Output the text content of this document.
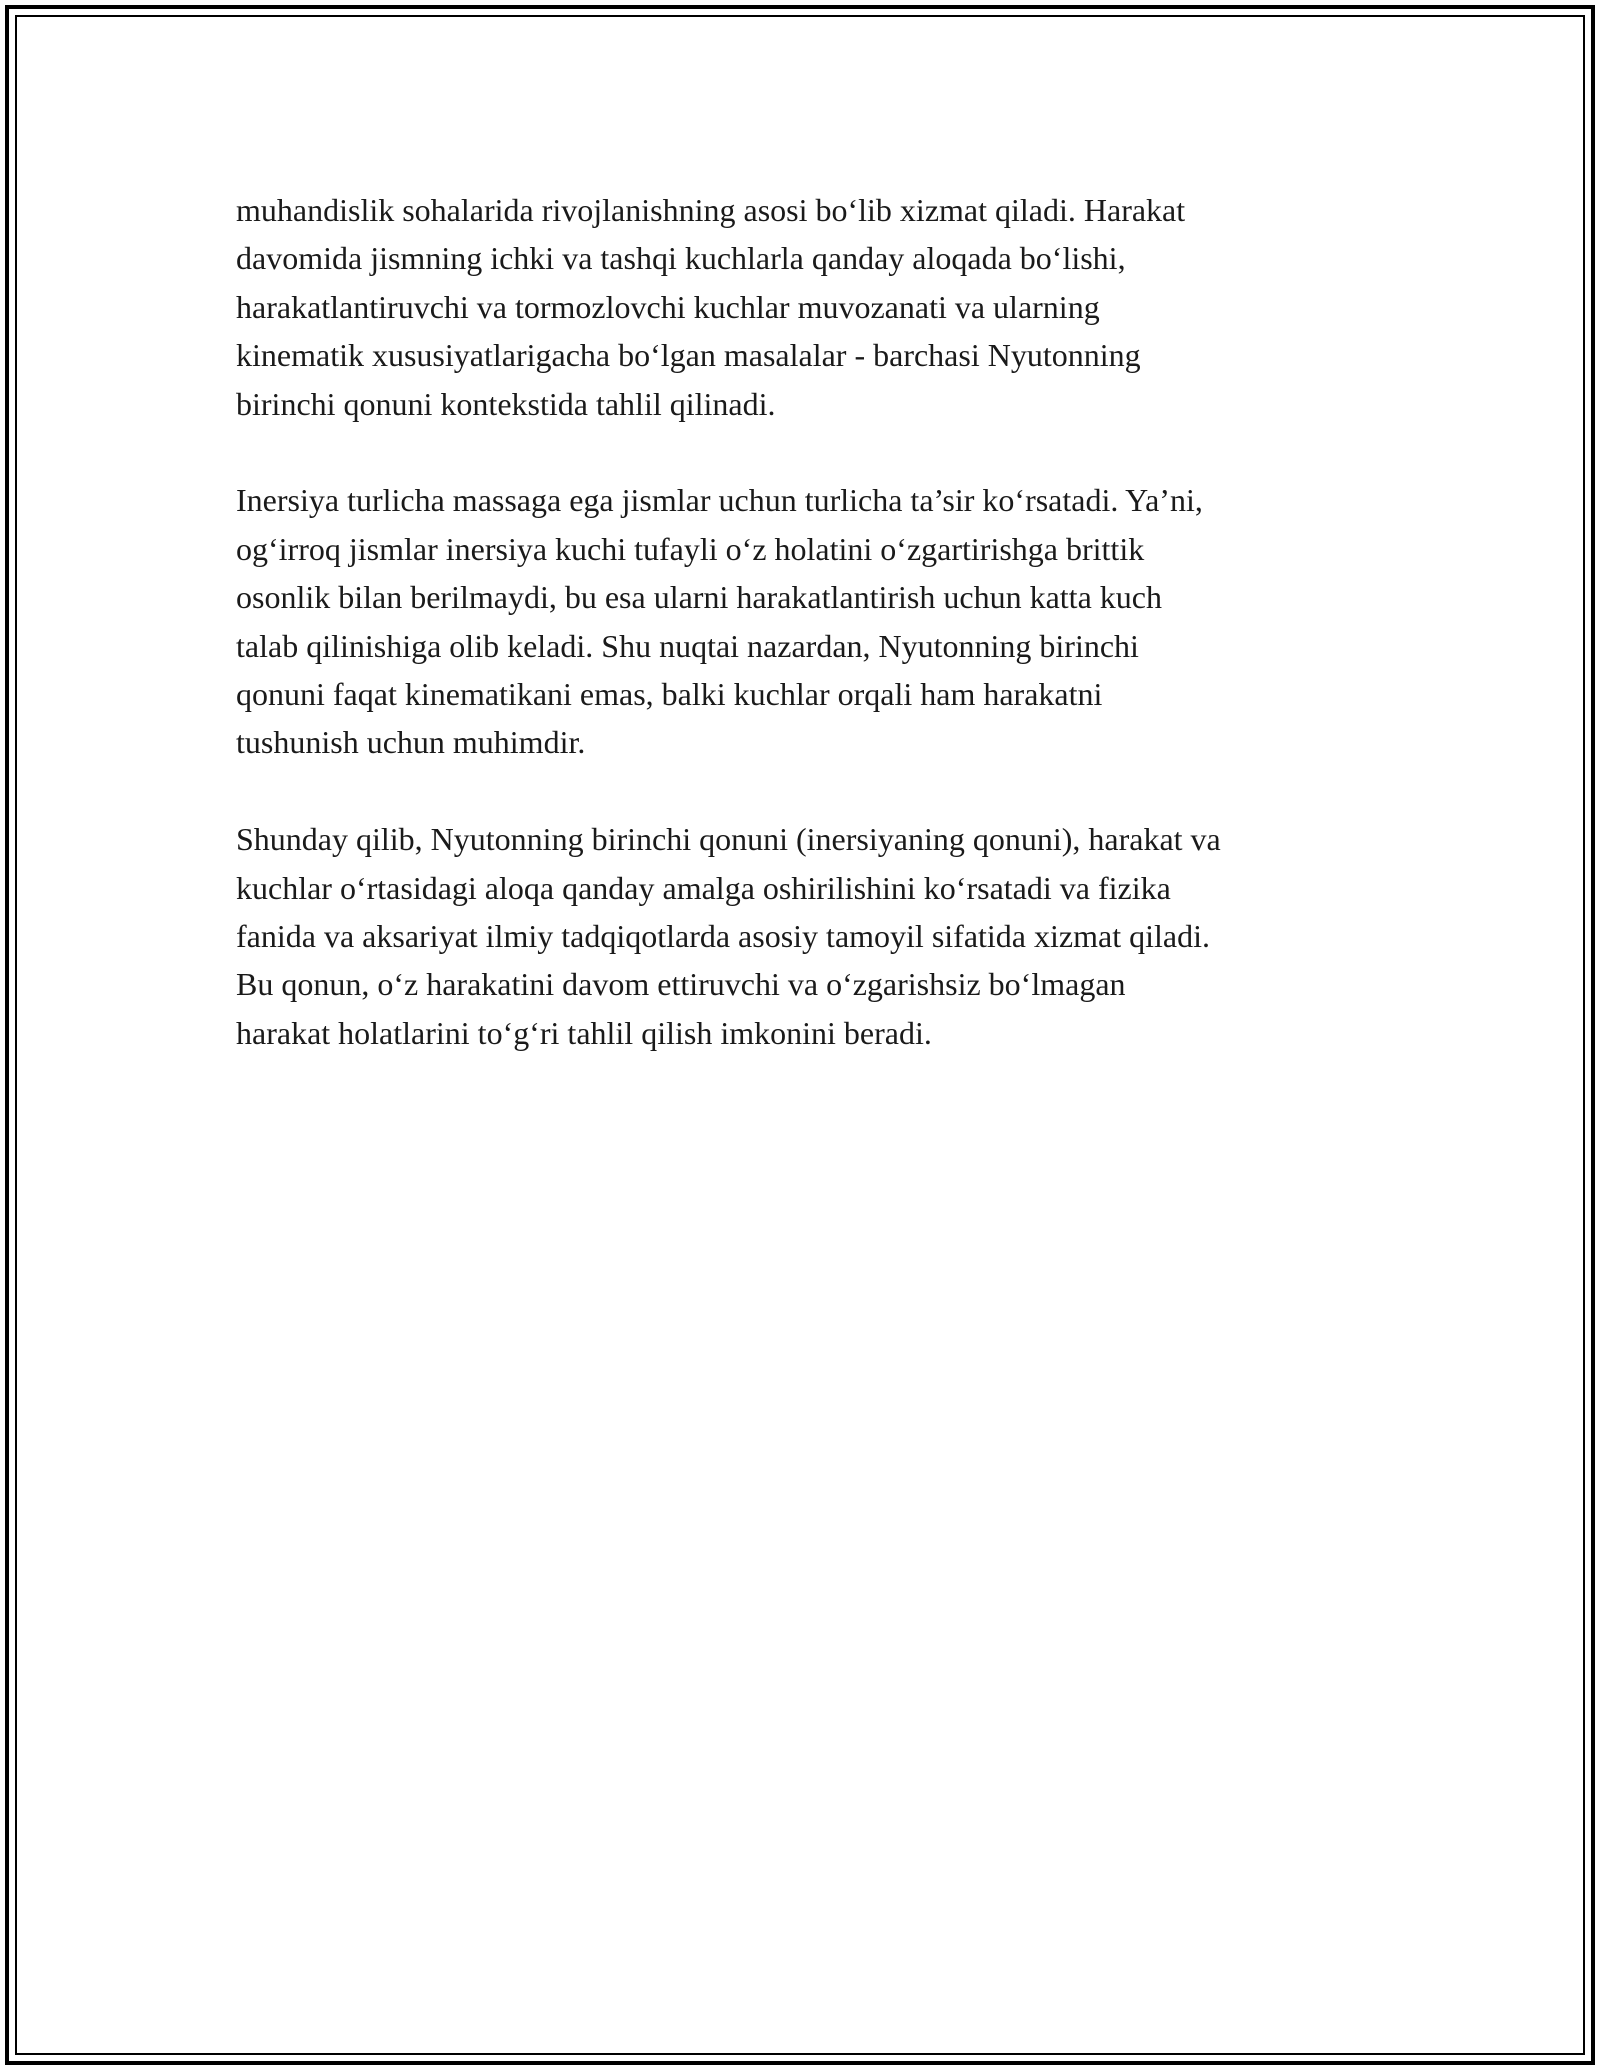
muhandislik sohalarida rivojlanishning asosi bo‘lib xizmat qiladi. Harakat
davomida jismning ichki va tashqi kuchlarla qanday aloqada bo‘lishi,
harakatlantiruvchi va tormozlovchi kuchlar muvozanati va ularning
kinematik xususiyatlarigacha bo‘lgan masalalar - barchasi Nyutonning
birinchi qonuni kontekstida tahlil qilinadi.

Inersiya turlicha massaga ega jismlar uchun turlicha ta’sir ko‘rsatadi. Ya’ni,
og‘irroq jismlar inersiya kuchi tufayli o‘z holatini o‘zgartirishga brittik
osonlik bilan berilmaydi, bu esa ularni harakatlantirish uchun katta kuch
talab qilinishiga olib keladi. Shu nuqtai nazardan, Nyutonning birinchi
qonuni faqat kinematikani emas, balki kuchlar orqali ham harakatni
tushunish uchun muhimdir.

Shunday qilib, Nyutonning birinchi qonuni (inersiyaning qonuni), harakat va
kuchlar o‘rtasidagi aloqa qanday amalga oshirilishini ko‘rsatadi va fizika
fanida va aksariyat ilmiy tadqiqotlarda asosiy tamoyil sifatida xizmat qiladi.
Bu qonun, o‘z harakatini davom ettiruvchi va o‘zgarishsiz bo‘lmagan
harakat holatlarini to‘g‘ri tahlil qilish imkonini beradi.
